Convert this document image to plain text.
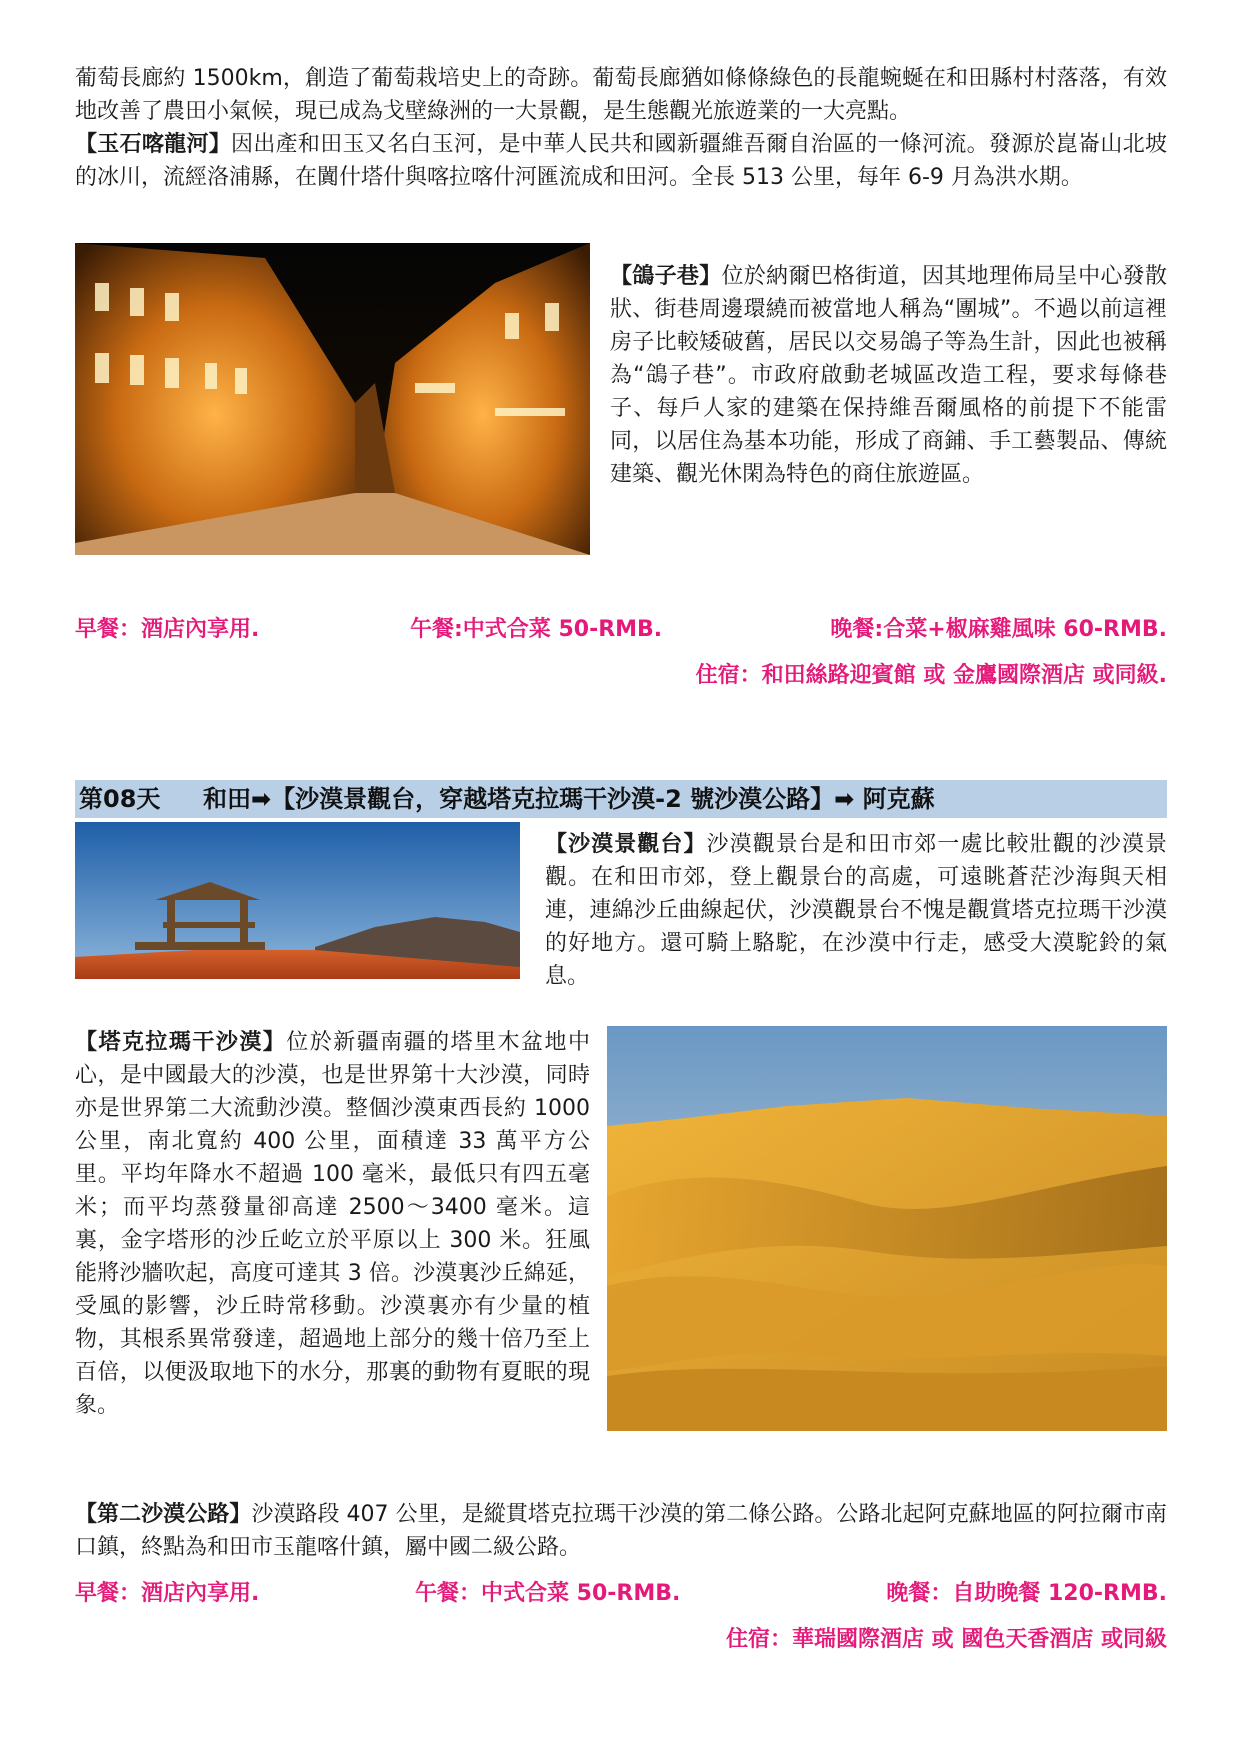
葡萄長廊約 1500km，創造了葡萄栽培史上的奇跡。葡萄長廊猶如條條綠色的長龍蜿蜒在和田縣村村落落，有效地改善了農田小氣候，現已成為戈壁綠洲的一大景觀，是生態觀光旅遊業的一大亮點。

【玉石喀龍河】因出產和田玉又名白玉河，是中華人民共和國新疆維吾爾自治區的一條河流。發源於崑崙山北坡的冰川，流經洛浦縣，在闐什塔什與喀拉喀什河匯流成和田河。全長 513 公里，每年 6-9 月為洪水期。

【鴿子巷】位於納爾巴格街道，因其地理佈局呈中心發散狀、街巷周邊環繞而被當地人稱為“團城”。不過以前這裡房子比較矮破舊，居民以交易鴿子等為生計，因此也被稱為“鴿子巷”。市政府啟動老城區改造工程，要求每條巷子、每戶人家的建築在保持維吾爾風格的前提下不能雷同，以居住為基本功能，形成了商鋪、手工藝製品、傳統建築、觀光休閑為特色的商住旅遊區。

早餐：酒店內享用.	午餐:中式合菜 50-RMB.	晚餐:合菜+椒麻雞風味 60-RMB.
住宿：和田絲路迎賓館 或 金鷹國際酒店 或同級.
第08天 和田➡【沙漠景觀台，穿越塔克拉瑪干沙漠-2 號沙漠公路】➡ 阿克蘇

【沙漠景觀台】沙漠觀景台是和田市郊一處比較壯觀的沙漠景觀。在和田市郊，登上觀景台的高處，可遠眺蒼茫沙海與天相連，連綿沙丘曲線起伏，沙漠觀景台不愧是觀賞塔克拉瑪干沙漠的好地方。還可騎上駱駝，在沙漠中行走，感受大漠駝鈴的氣息。

【塔克拉瑪干沙漠】位於新疆南疆的塔里木盆地中心，是中國最大的沙漠，也是世界第十大沙漠，同時亦是世界第二大流動沙漠。整個沙漠東西長約 1000 公里，南北寬約 400 公里，面積達 33 萬平方公里。平均年降水不超過 100 毫米，最低只有四五毫米；而平均蒸發量卻高達 2500～3400 毫米。這裏，金字塔形的沙丘屹立於平原以上 300 米。狂風能將沙牆吹起，高度可達其 3 倍。沙漠裏沙丘綿延，受風的影響，沙丘時常移動。沙漠裏亦有少量的植物，其根系異常發達，超過地上部分的幾十倍乃至上百倍，以便汲取地下的水分，那裏的動物有夏眠的現象。

【第二沙漠公路】沙漠路段 407 公里，是縱貫塔克拉瑪干沙漠的第二條公路。公路北起阿克蘇地區的阿拉爾市南口鎮，終點為和田市玉龍喀什鎮，屬中國二級公路。

早餐：酒店內享用.	午餐：中式合菜 50-RMB.	晚餐：自助晚餐 120-RMB.
住宿：華瑞國際酒店 或 國色天香酒店 或同級
